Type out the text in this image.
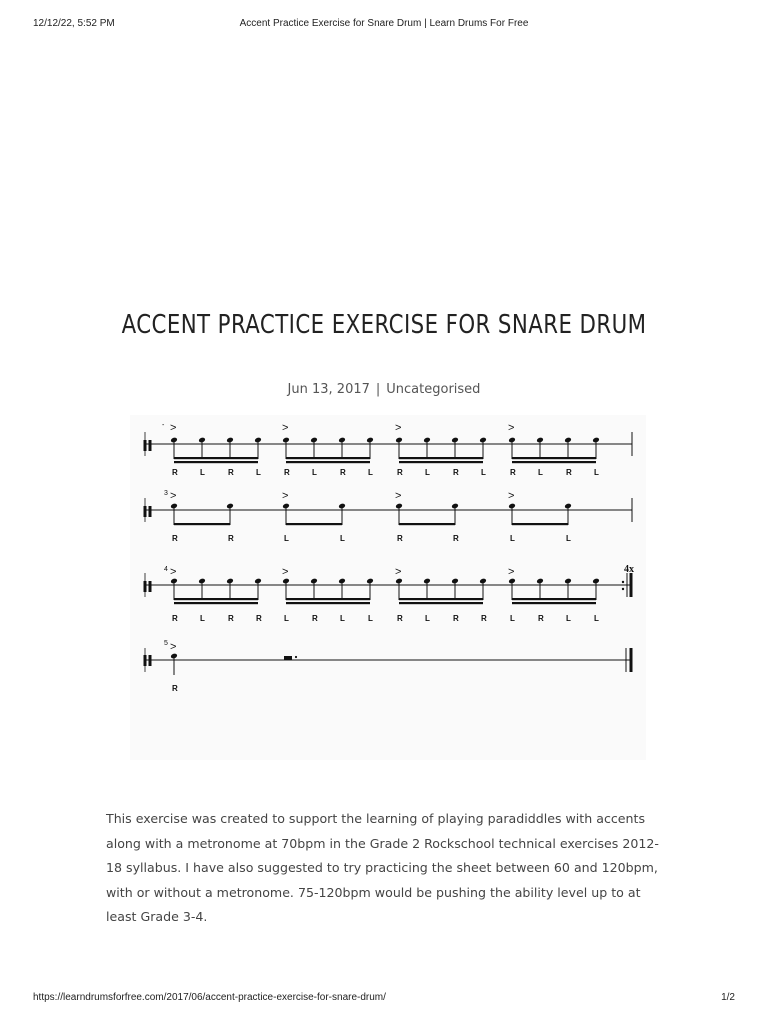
12/12/22, 5:52 PM	Accent Practice Exercise for Snare Drum | Learn Drums For Free
ACCENT PRACTICE EXERCISE FOR SNARE DRUM
Jun 13, 2017 | Uncategorised
- >	>	>	>
R	L	R	L	R	L	R	L	R	L	R	L	R	L	R	L
3 >	>	>	>
R	R	L	L	R	R	L	L
4	4x
>	>	>	>
R	L	R	R	L	R	L	L	R	L	R	R	L	R	L	L
5 >
R

This exercise was created to support the learning of playing paradiddles with accents along with a metronome at 70bpm in the Grade 2 Rockschool technical exercises 2012-18 syllabus. I have also suggested to try practicing the sheet between 60 and 120bpm, with or without a metronome. 75-120bpm would be pushing the ability level up to at least Grade 3-4.

https://learndrumsforfree.com/2017/06/accent-practice-exercise-for-snare-drum/	1/2
